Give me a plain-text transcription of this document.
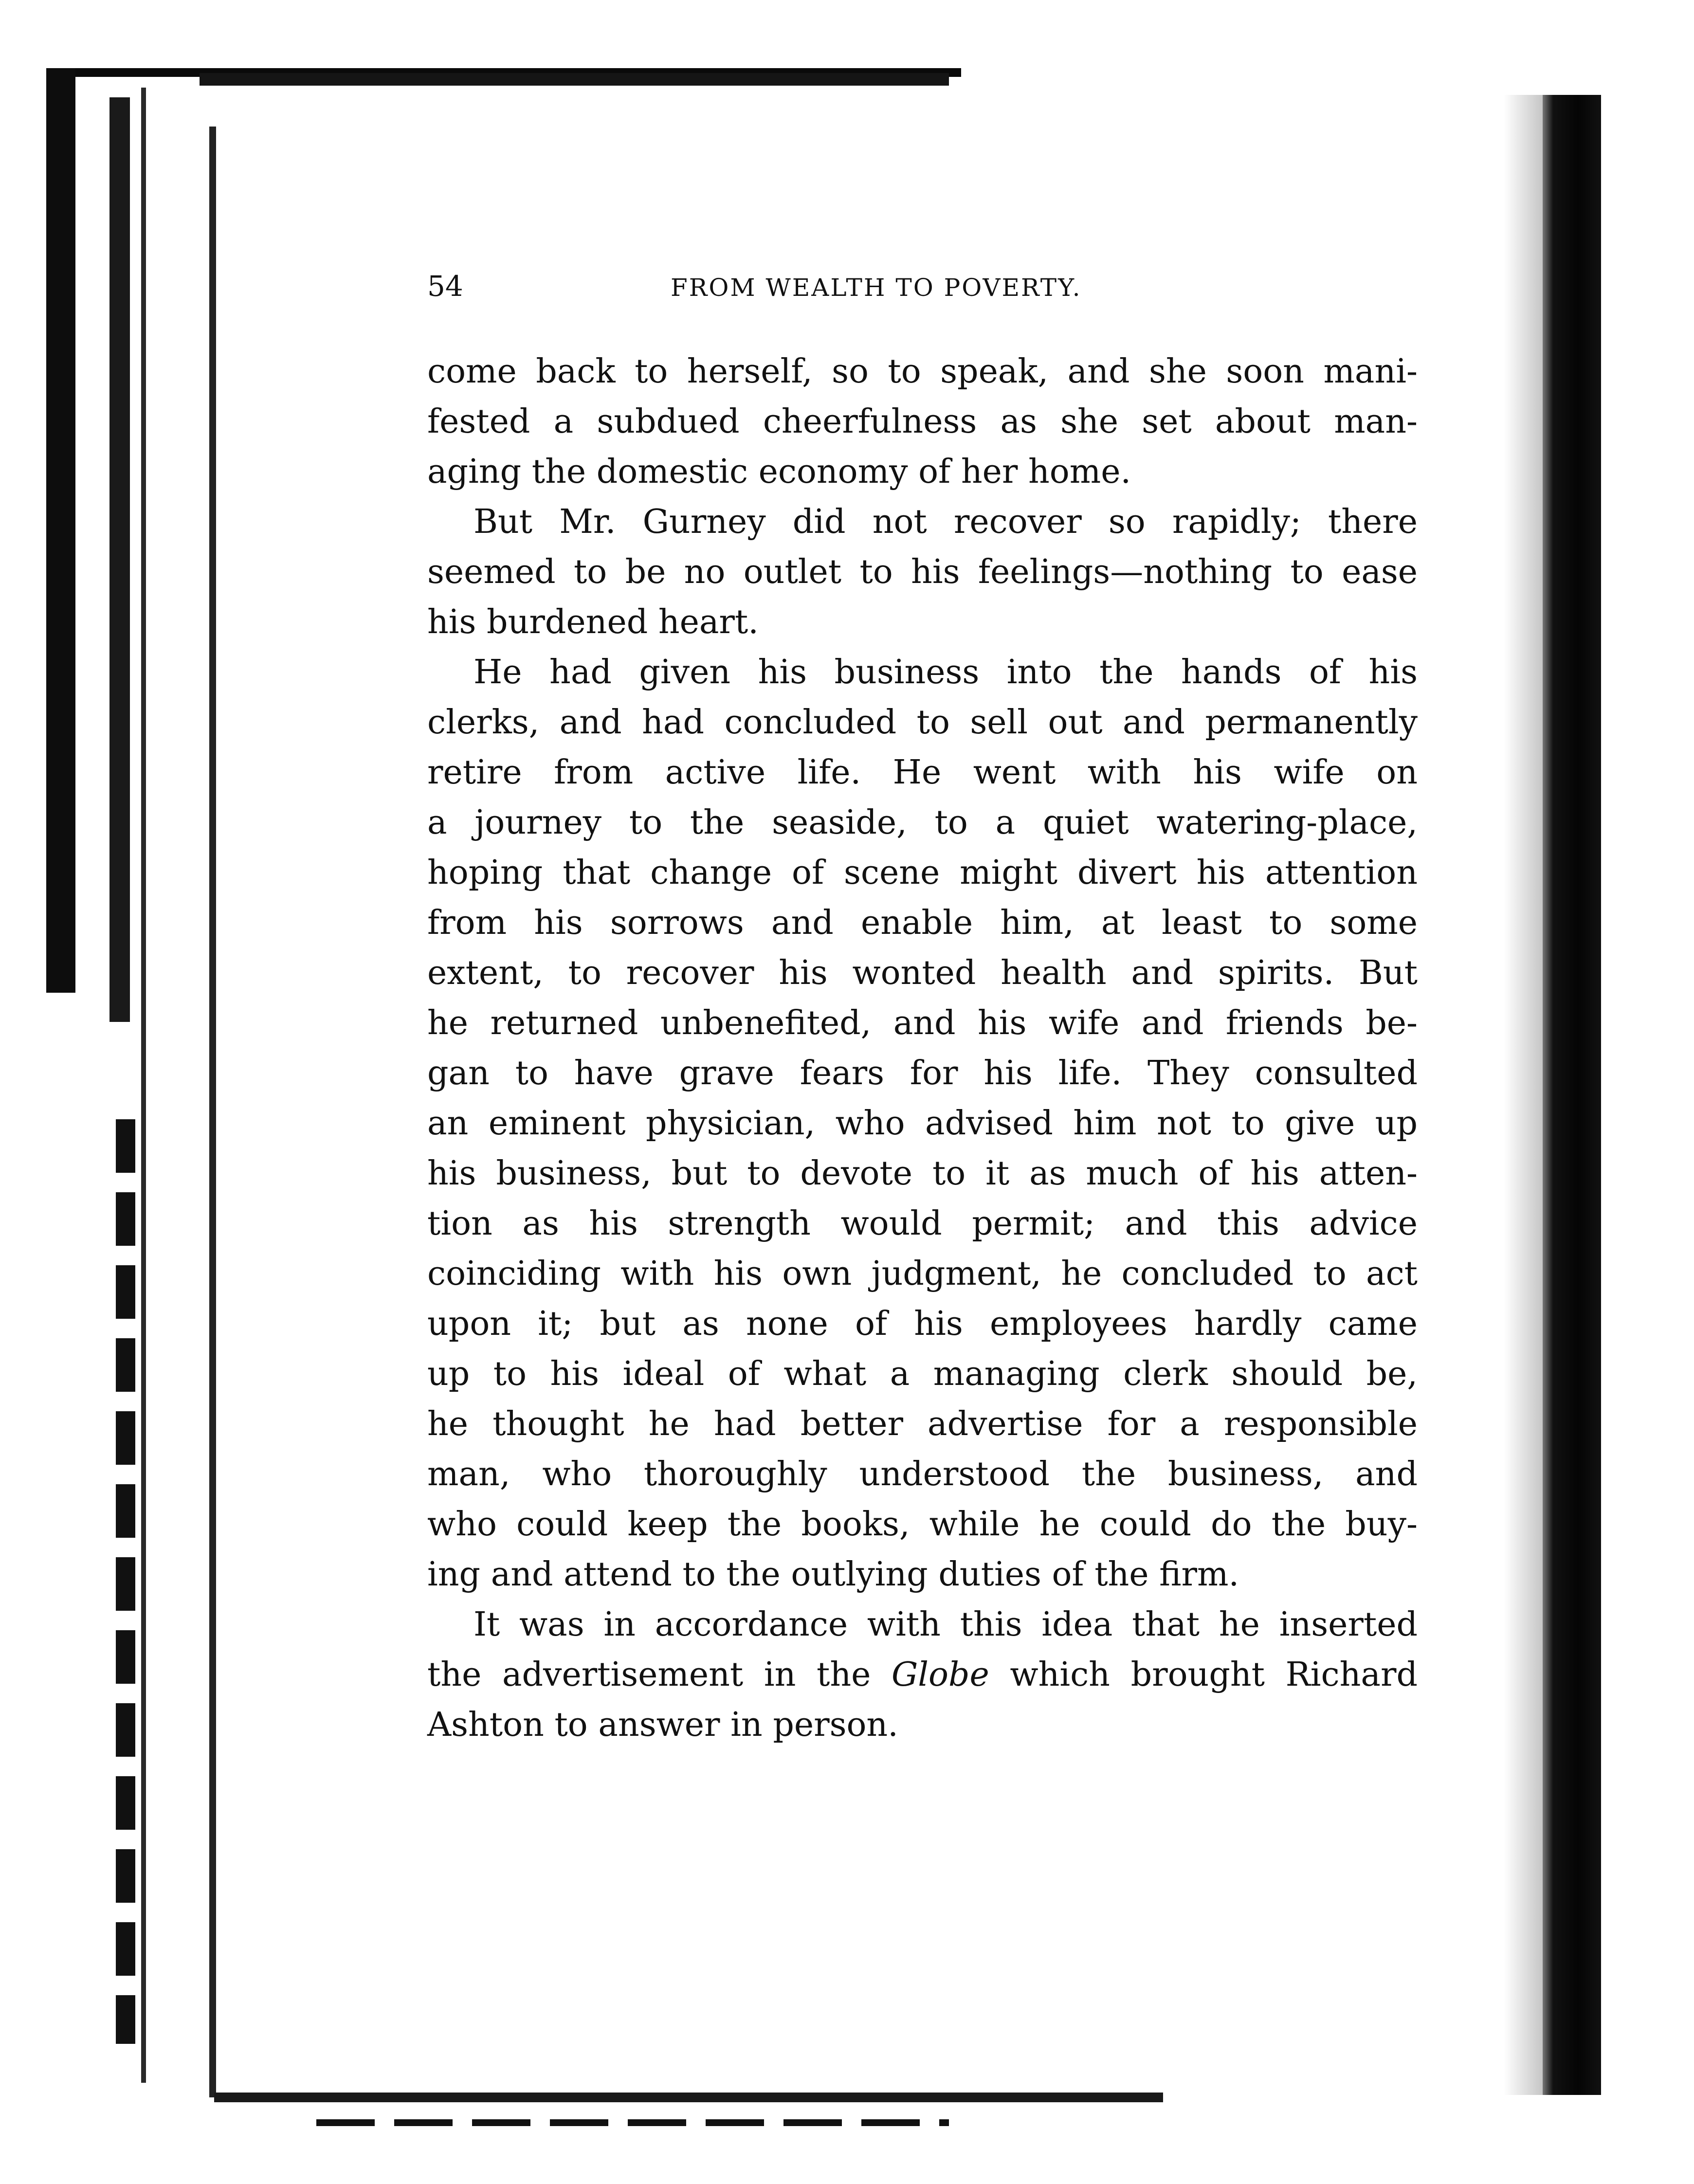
54	FROM WEALTH TO POVERTY.
come back to herself, so to speak, and she soon mani-
fested a subdued cheerfulness as she set about man-
aging the domestic economy of her home.
But Mr. Gurney did not recover so rapidly; there
seemed to be no outlet to his feelings—nothing to ease
his burdened heart.
He had given his business into the hands of his
clerks, and had concluded to sell out and permanently
retire from active life. He went with his wife on
a journey to the seaside, to a quiet watering-place,
hoping that change of scene might divert his attention
from his sorrows and enable him, at least to some
extent, to recover his wonted health and spirits. But
he returned unbenefited, and his wife and friends be-
gan to have grave fears for his life. They consulted
an eminent physician, who advised him not to give up
his business, but to devote to it as much of his atten-
tion as his strength would permit; and this advice
coinciding with his own judgment, he concluded to act
upon it; but as none of his employees hardly came
up to his ideal of what a managing clerk should be,
he thought he had better advertise for a responsible
man, who thoroughly understood the business, and
who could keep the books, while he could do the buy-
ing and attend to the outlying duties of the firm.
It was in accordance with this idea that he inserted
the advertisement in the Globe which brought Richard
Ashton to answer in person.
